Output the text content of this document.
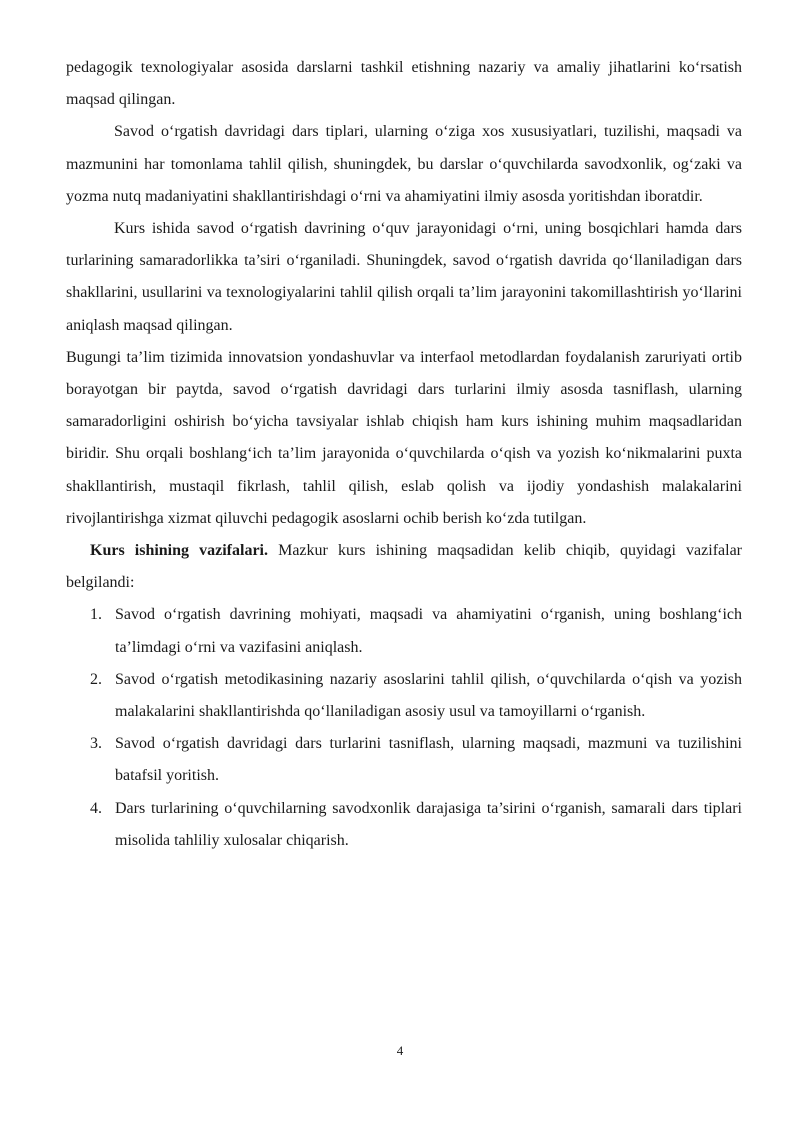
pedagogik texnologiyalar asosida darslarni tashkil etishning nazariy va amaliy jihatlarini ko‘rsatish maqsad qilingan.

Savod o‘rgatish davridagi dars tiplari, ularning o‘ziga xos xususiyatlari, tuzilishi, maqsadi va mazmunini har tomonlama tahlil qilish, shuningdek, bu darslar o‘quvchilarda savodxonlik, og‘zaki va yozma nutq madaniyatini shakllantirishdagi o‘rni va ahamiyatini ilmiy asosda yoritishdan iboratdir.

Kurs ishida savod o‘rgatish davrining o‘quv jarayonidagi o‘rni, uning bosqichlari hamda dars turlarining samaradorlikka ta’siri o‘rganiladi. Shuningdek, savod o‘rgatish davrida qo‘llaniladigan dars shakllarini, usullarini va texnologiyalarini tahlil qilish orqali ta’lim jarayonini takomillashtirish yo‘llarini aniqlash maqsad qilingan.

Bugungi ta’lim tizimida innovatsion yondashuvlar va interfaol metodlardan foydalanish zaruriyati ortib borayotgan bir paytda, savod o‘rgatish davridagi dars turlarini ilmiy asosda tasniflash, ularning samaradorligini oshirish bo‘yicha tavsiyalar ishlab chiqish ham kurs ishining muhim maqsadlaridan biridir. Shu orqali boshlang‘ich ta’lim jarayonida o‘quvchilarda o‘qish va yozish ko‘nikmalarini puxta shakllantirish, mustaqil fikrlash, tahlil qilish, eslab qolish va ijodiy yondashish malakalarini rivojlantirishga xizmat qiluvchi pedagogik asoslarni ochib berish ko‘zda tutilgan.

Kurs ishining vazifalari. Mazkur kurs ishining maqsadidan kelib chiqib, quyidagi vazifalar belgilandi:

1. Savod o‘rgatish davrining mohiyati, maqsadi va ahamiyatini o‘rganish, uning boshlang‘ich ta’limdagi o‘rni va vazifasini aniqlash.
2. Savod o‘rgatish metodikasining nazariy asoslarini tahlil qilish, o‘quvchilarda o‘qish va yozish malakalarini shakllantirishda qo‘llaniladigan asosiy usul va tamoyillarni o‘rganish.
3. Savod o‘rgatish davridagi dars turlarini tasniflash, ularning maqsadi, mazmuni va tuzilishini batafsil yoritish.
4. Dars turlarining o‘quvchilarning savodxonlik darajasiga ta’sirini o‘rganish, samarali dars tiplari misolida tahliliy xulosalar chiqarish.
4
